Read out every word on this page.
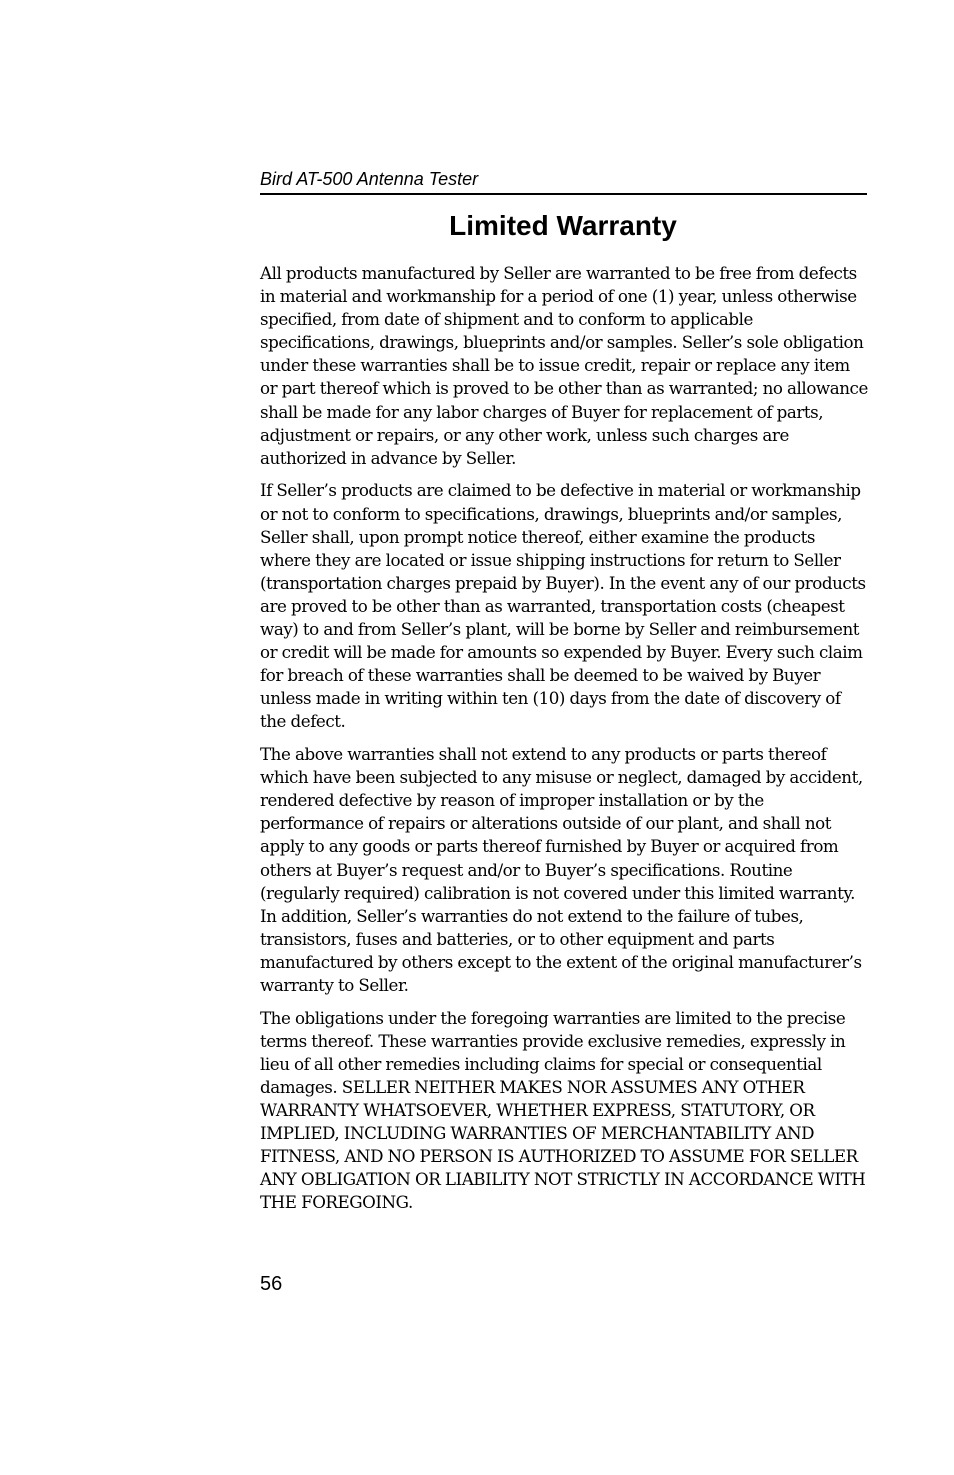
Bird AT-500 Antenna Tester
Limited Warranty

All products manufactured by Seller are warranted to be free from defects in material and workmanship for a period of one (1) year, unless otherwise specified, from date of shipment and to conform to applicable specifications, drawings, blueprints and/or samples. Seller’s sole obligation under these warranties shall be to issue credit, repair or replace any item or part thereof which is proved to be other than as warranted; no allowance shall be made for any labor charges of Buyer for replacement of parts, adjustment or repairs, or any other work, unless such charges are authorized in advance by Seller.

If Seller’s products are claimed to be defective in material or workmanship or not to conform to specifications, drawings, blueprints and/or samples, Seller shall, upon prompt notice thereof, either examine the products where they are located or issue shipping instructions for return to Seller (transportation charges prepaid by Buyer). In the event any of our products are proved to be other than as warranted, transportation costs (cheapest way) to and from Seller’s plant, will be borne by Seller and reimbursement or credit will be made for amounts so expended by Buyer. Every such claim for breach of these warranties shall be deemed to be waived by Buyer unless made in writing within ten (10) days from the date of discovery of the defect.

The above warranties shall not extend to any products or parts thereof which have been subjected to any misuse or neglect, damaged by accident, rendered defective by reason of improper installation or by the performance of repairs or alterations outside of our plant, and shall not apply to any goods or parts thereof furnished by Buyer or acquired from others at Buyer’s request and/or to Buyer’s specifications. Routine (regularly required) calibration is not covered under this limited warranty. In addition, Seller’s warranties do not extend to the failure of tubes, transistors, fuses and batteries, or to other equipment and parts manufactured by others except to the extent of the original manufacturer’s warranty to Seller.

The obligations under the foregoing warranties are limited to the precise terms thereof. These warranties provide exclusive remedies, expressly in lieu of all other remedies including claims for special or consequential damages. SELLER NEITHER MAKES NOR ASSUMES ANY OTHER WARRANTY WHATSOEVER, WHETHER EXPRESS, STATUTORY, OR IMPLIED, INCLUDING WARRANTIES OF MERCHANTABILITY AND FITNESS, AND NO PERSON IS AUTHORIZED TO ASSUME FOR SELLER ANY OBLIGATION OR LIABILITY NOT STRICTLY IN ACCORDANCE WITH THE FOREGOING.

56
